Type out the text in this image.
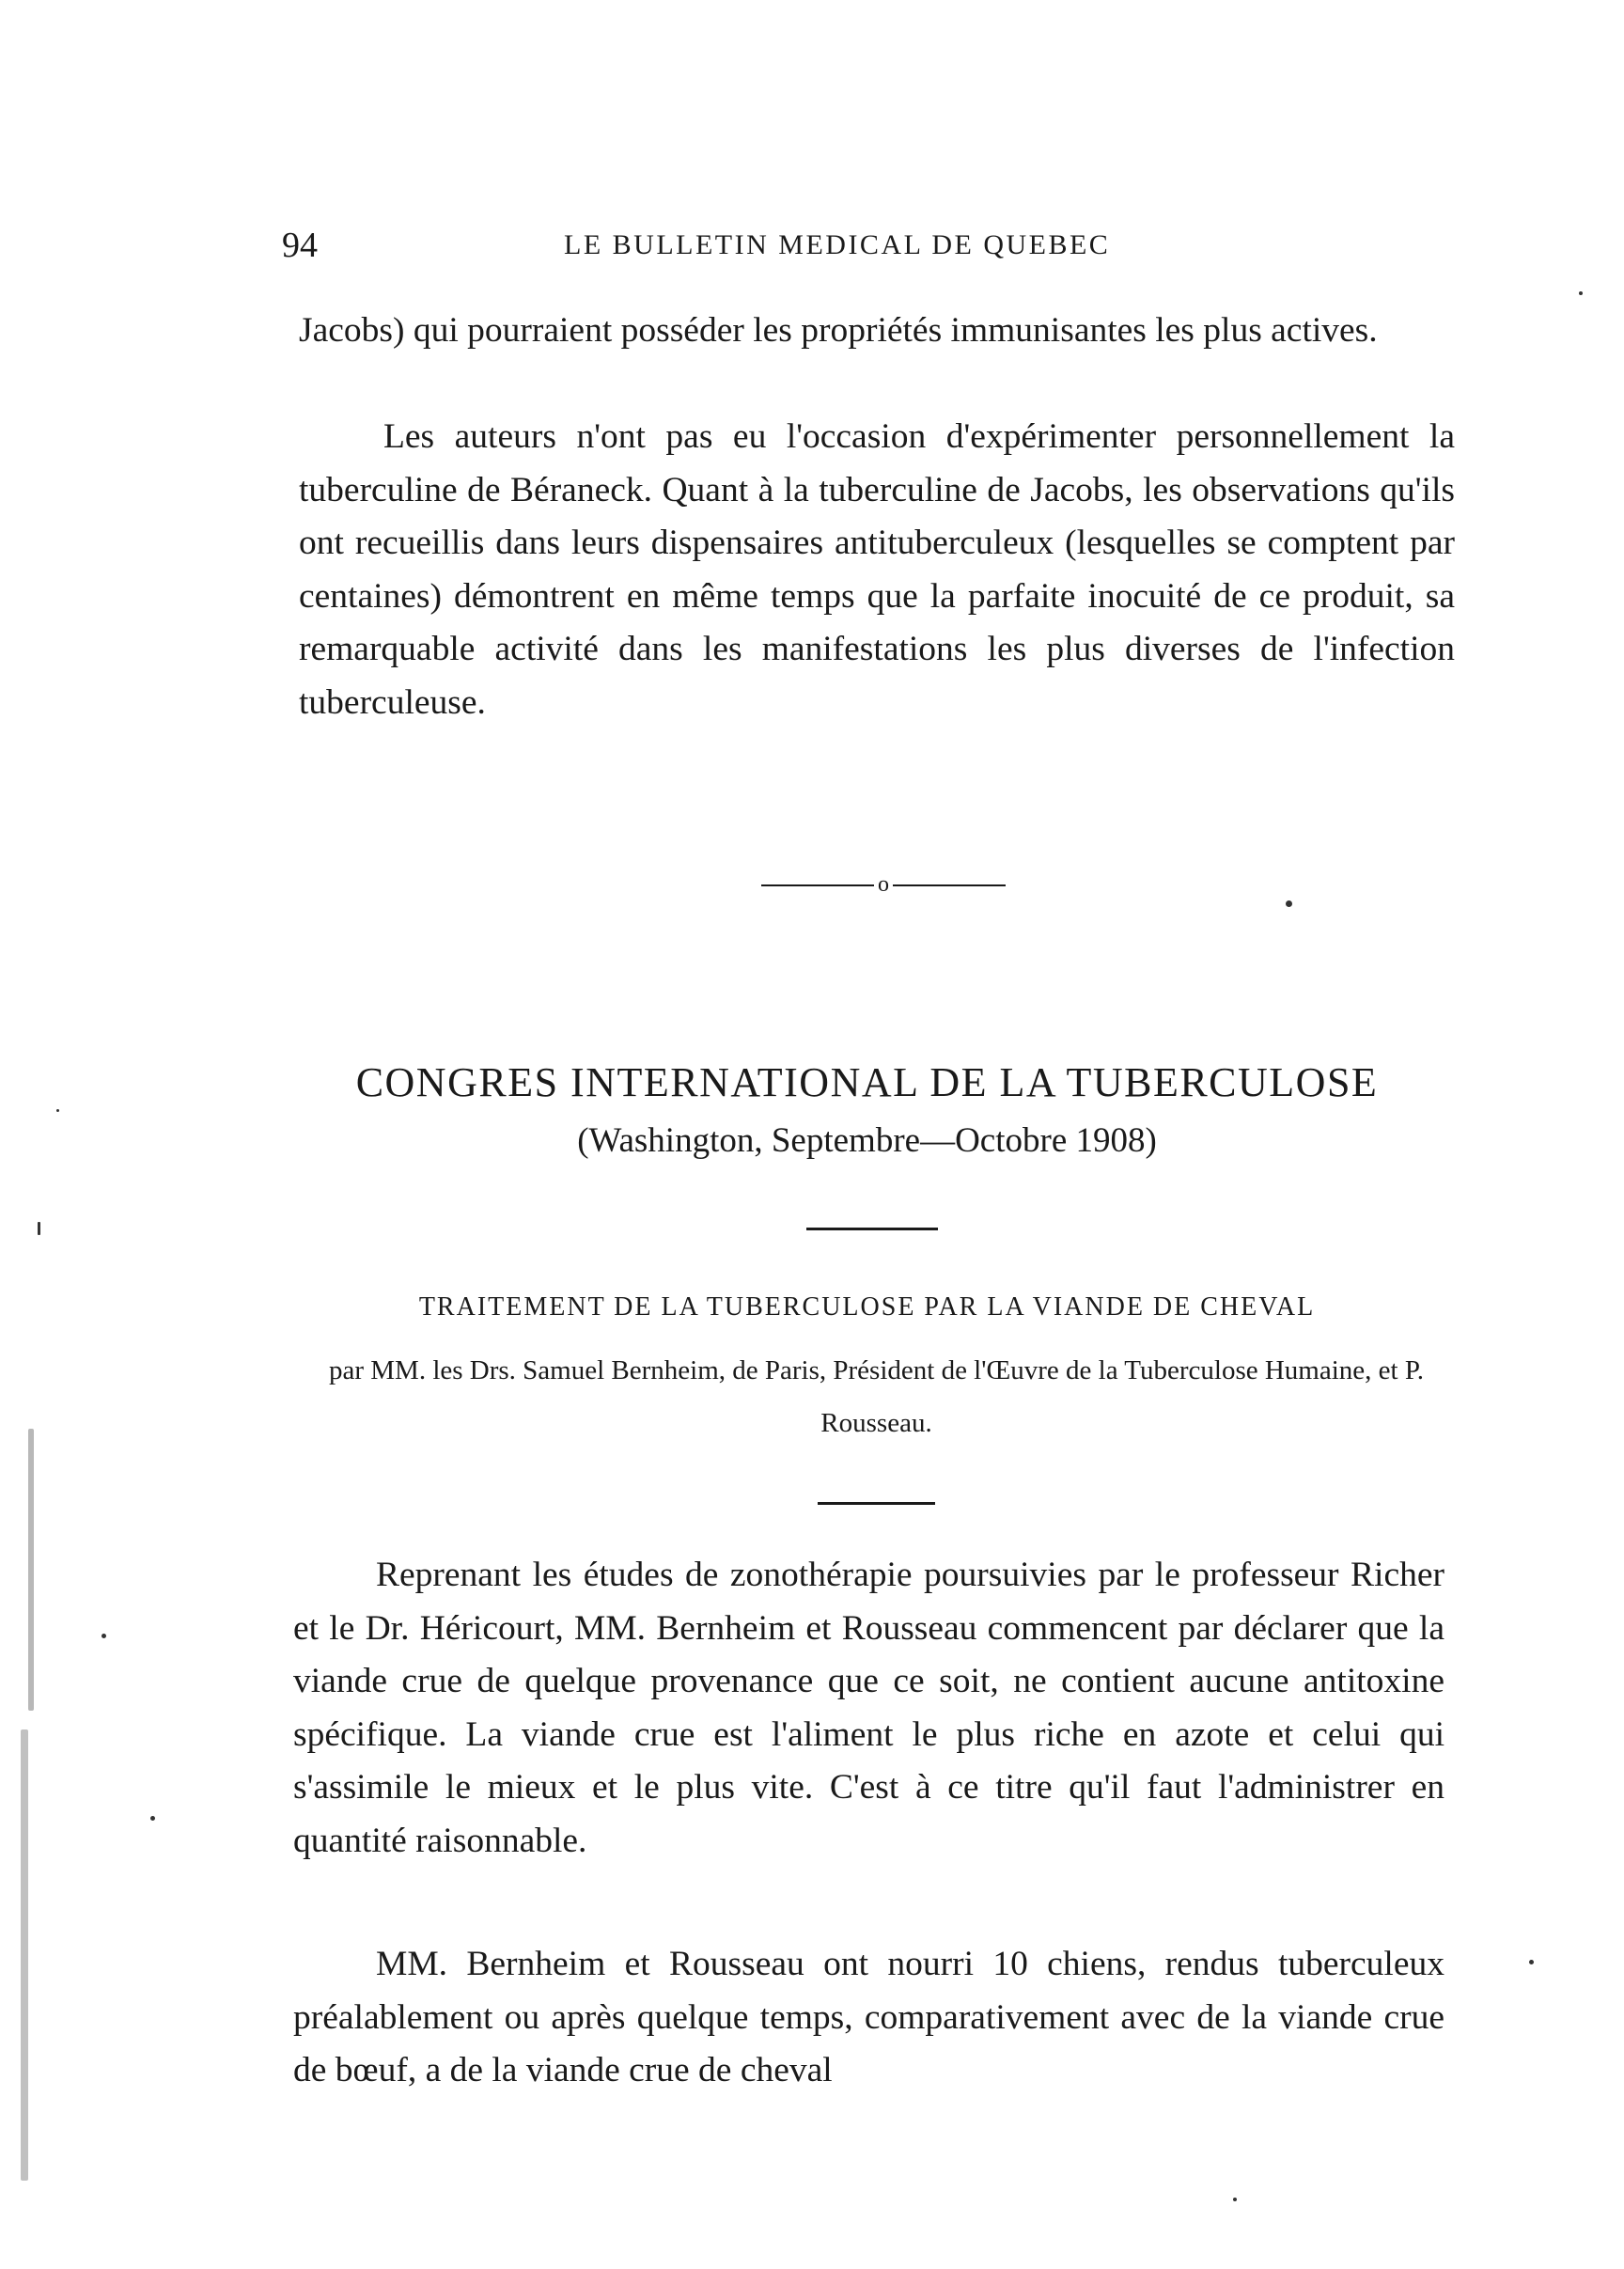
94	LE BULLETIN MEDICAL DE QUEBEC

Jacobs) qui pourraient posséder les propriétés immunisantes les plus actives.

Les auteurs n'ont pas eu l'occasion d'expérimenter personnellement la tuberculine de Béraneck. Quant à la tuberculine de Jacobs, les observations qu'ils ont recueillis dans leurs dispensaires antituberculeux (lesquelles se comptent par centaines) démontrent en même temps que la parfaite inocuité de ce produit, sa remarquable activité dans les manifestations les plus diverses de l'infection tuberculeuse.

o
CONGRES INTERNATIONAL DE LA TUBERCULOSE
(Washington, Septembre—Octobre 1908)
TRAITEMENT DE LA TUBERCULOSE PAR LA VIANDE DE CHEVAL
par MM. les Drs. Samuel Bernheim, de Paris, Président de l'Œuvre de la Tuberculose Humaine, et P. Rousseau.

Reprenant les études de zonothérapie poursuivies par le professeur Richer et le Dr. Héricourt, MM. Bernheim et Rousseau commencent par déclarer que la viande crue de quelque provenance que ce soit, ne contient aucune antitoxine spécifique. La viande crue est l'aliment le plus riche en azote et celui qui s'assimile le mieux et le plus vite. C'est à ce titre qu'il faut l'administrer en quantité raisonnable.

MM. Bernheim et Rousseau ont nourri 10 chiens, rendus tuberculeux préalablement ou après quelque temps, comparativement avec de la viande crue de bœuf, a de la viande crue de cheval
